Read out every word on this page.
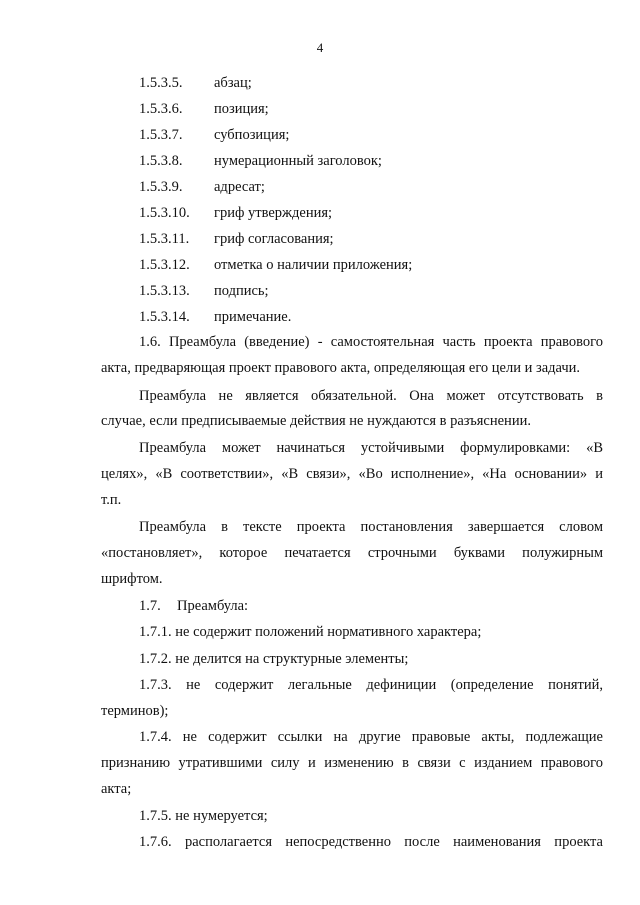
4
1.5.3.5. абзац;
1.5.3.6. позиция;
1.5.3.7. субпозиция;
1.5.3.8. нумерационный заголовок;
1.5.3.9. адресат;
1.5.3.10. гриф утверждения;
1.5.3.11. гриф согласования;
1.5.3.12. отметка о наличии приложения;
1.5.3.13. подпись;
1.5.3.14. примечание.
1.6. Преамбула (введение) - самостоятельная часть проекта правового
акта, предваряющая проект правового акта, определяющая его цели и задачи.
Преамбула не является обязательной. Она может отсутствовать в
случае, если предписываемые действия не нуждаются в разъяснении.
Преамбула может начинаться устойчивыми формулировками: «В
целях», «В соответствии», «В связи», «Во исполнение», «На основании» и
т.п.
Преамбула в тексте проекта постановления завершается словом
«постановляет», которое печатается строчными буквами полужирным
шрифтом.
1.7. Преамбула:
1.7.1. не содержит положений нормативного характера;
1.7.2. не делится на структурные элементы;
1.7.3. не содержит легальные дефиниции (определение понятий,
терминов);
1.7.4. не содержит ссылки на другие правовые акты, подлежащие
признанию утратившими силу и изменению в связи с изданием правового
акта;
1.7.5. не нумеруется;
1.7.6. располагается непосредственно после наименования проекта
